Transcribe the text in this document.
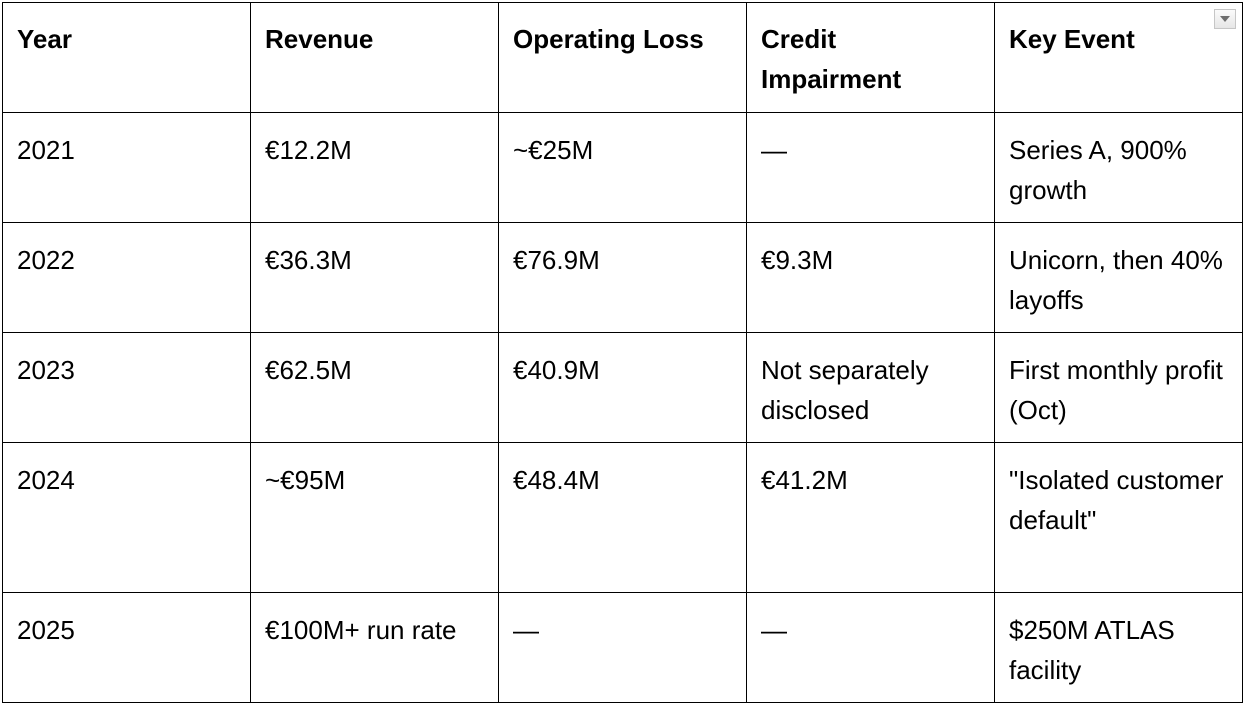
Year	Revenue	Operating Loss	Credit Impairment	Key Event

2021	€12.2M	~€25M	—	Series A, 900% growth
2022	€36.3M	€76.9M	€9.3M	Unicorn, then 40% layoffs
2023	€62.5M	€40.9M	Not separately disclosed	First monthly profit (Oct)
2024	~€95M	€48.4M	€41.2M	"Isolated customer default"
2025	€100M+ run rate	—	—	$250M ATLAS facility
